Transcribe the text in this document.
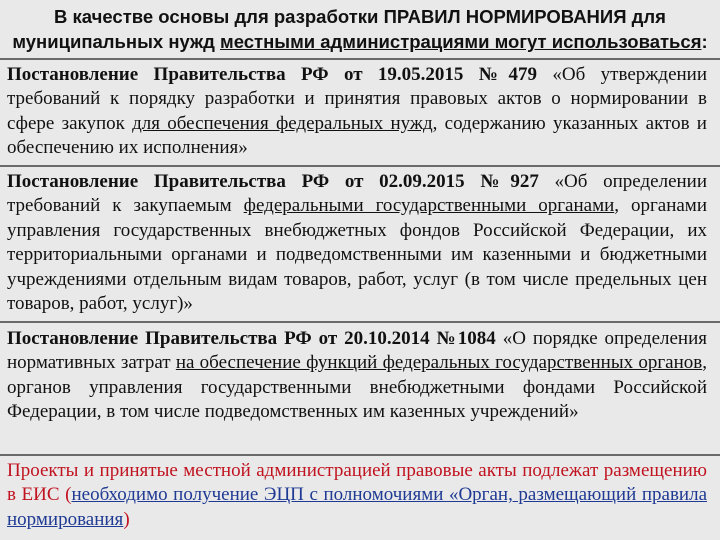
В качестве основы для разработки ПРАВИЛ НОРМИРОВАНИЯ для
муниципальных нужд местными администрациями могут использоваться:
Постановление Правительства РФ от 19.05.2015 №479 «Об утверждении требований к порядку разработки и принятия правовых актов о нормировании в сфере закупок для обеспечения федеральных нужд, содержанию указанных актов и обеспечению их исполнения»
Постановление Правительства РФ от 02.09.2015 №927 «Об определении требований к закупаемым федеральными государственными органами, органами управления государственных внебюджетных фондов Российской Федерации, их территориальными органами и подведомственными им казенными и бюджетными учреждениями отдельным видам товаров, работ, услуг (в том числе предельных цен товаров, работ, услуг)»
Постановление Правительства РФ от 20.10.2014 №1084 «О порядке определения нормативных затрат на обеспечение функций федеральных государственных органов, органов управления государственными внебюджетными фондами Российской Федерации, в том числе подведомственных им казенных учреждений»
Проекты и принятые местной администрацией правовые акты подлежат размещению в ЕИС (необходимо получение ЭЦП с полномочиями «Орган, размещающий правила нормирования)
